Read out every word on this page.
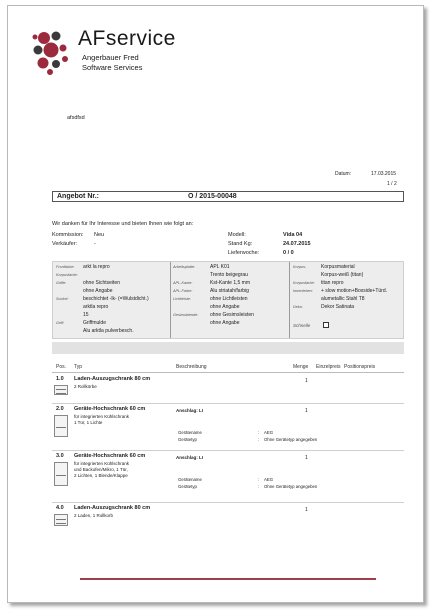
AFservice
Angerbauer Fred
Software Services
afsdfsd
Datum:	17.03.2015
1 / 2
Angebot Nr.:	O / 2015-00048
Wir danken für Ihr Interesse und bieten Ihnen wie folgt an:
Kommission: Neu
Verkäufer:	-
Modell:	Vida 04
Stand Kg:	24.07.2015
Lieferwoche:	0 / 0
Frontfarbe: arkt la repro
Korpusfarbe:
Griffe:	ohne Sichtseiten
ohne Angabe
Sockel:	beschichtet -lk- (=Wulstdicht.)
arktla repro
15
Griff:	Griffmulde
Alu arktla pulverbesch.
Arbeitsplatte:	APL K01
Trento beigegrau
APL-Kante:	Kst-Kante 1,5 mm
APL-Farbe:	Alu striatah/farbig
Lichtleiste:	ohne Lichtleisten
ohne Angabe
Gesimsblende: ohne Gesimsleisten
ohne Angabe
Korpus:	Korpusmaterial
Korpus-weiß (titan)
Korpusfarbe: titan repro
Innenleben: + slow motion+Boxside+Türd.
alumetallic Stahl T8
Deko:	Dekor Satinata
Schnelle
Pos. Typ	Beschreibung	Menge Einzelpreis Positionspreis
1.0 Laden-Auszugschrank 80 cm
2 Rollkörbe
1
2.0 Geräte-Hochschrank 60 cm
für integrierten Kühlschrank
1 Tür, 1 Lichte
Anschlag: LI	1
Gerätename	: AEG
Gerätetyp	: Ohne Gerätetyp angegeben
3.0 Geräte-Hochschrank 60 cm
für integrierten Kühlschrank
und Backofen/Mikro, 1 Tür,
2 Lichten, 1 Blende/Klappe
Anschlag: LI	1
Gerätename	: AEG
Gerätetyp	: Ohne Gerätetyp angegeben
4.0 Laden-Auszugschrank 80 cm
2 Laden, 1 Rollkorb
1
